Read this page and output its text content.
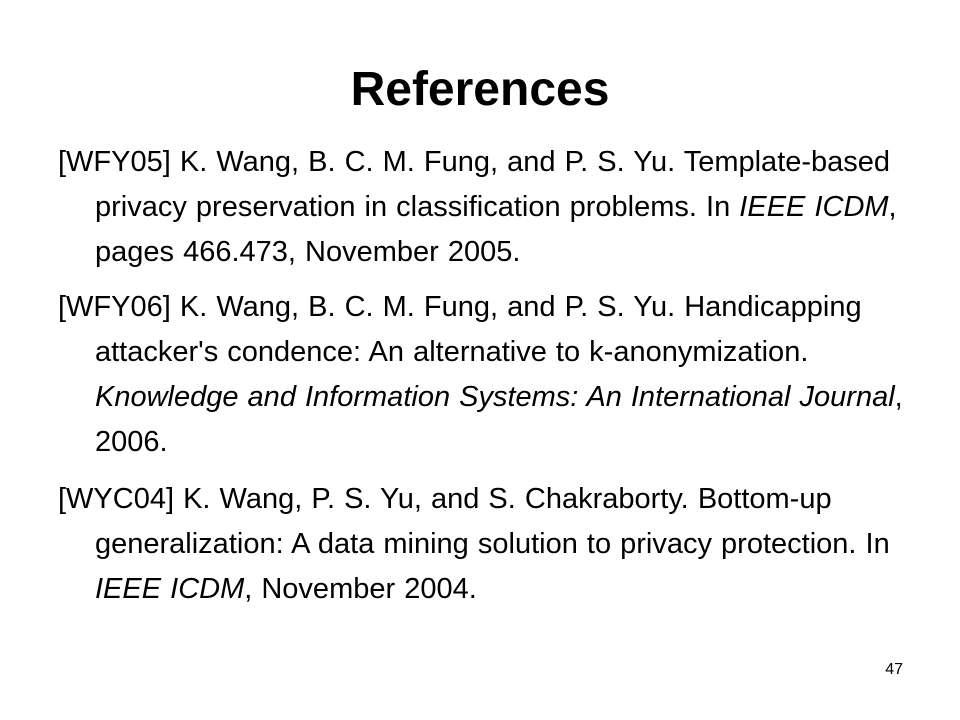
References
[WFY05] K. Wang, B. C. M. Fung, and P. S. Yu. Template-based privacy preservation in classification problems. In IEEE ICDM, pages 466.473, November 2005.
[WFY06] K. Wang, B. C. M. Fung, and P. S. Yu. Handicapping attacker's condence: An alternative to k-anonymization. Knowledge and Information Systems: An International Journal, 2006.
[WYC04] K. Wang, P. S. Yu, and S. Chakraborty. Bottom-up generalization: A data mining solution to privacy protection. In IEEE ICDM, November 2004.
47
